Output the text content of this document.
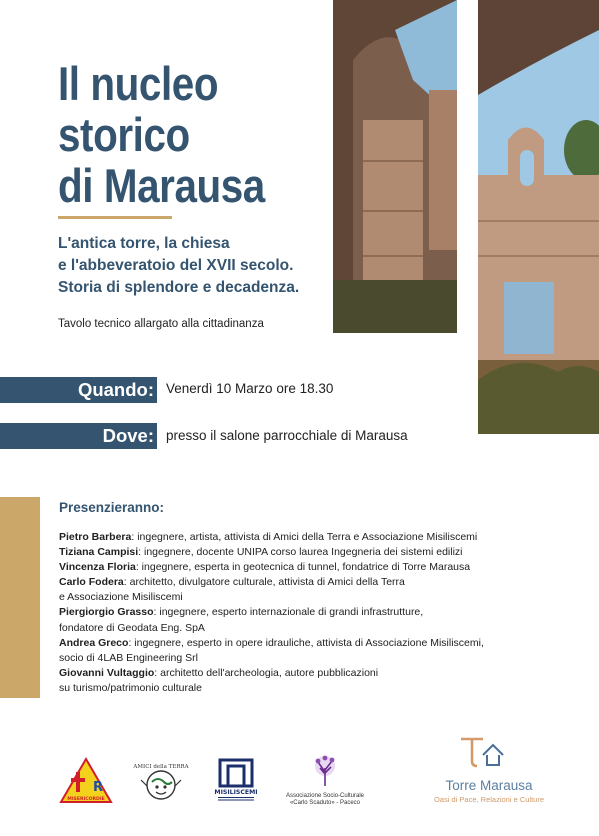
Il nucleo
storico
di Marausa
L'antica torre, la chiesa
e l'abbeveratoio del XVII secolo.
Storia di splendore e decadenza.
Tavolo tecnico allargato alla cittadinanza
Quando: Venerdì 10 Marzo ore 18.30
Dove: presso il salone parrocchiale di Marausa
Presenzieranno:
Pietro Barbera: ingegnere, artista, attivista di Amici della Terra e Associazione Misiliscemi
Tiziana Campisi: ingegnere, docente UNIPA corso laurea Ingegneria dei sistemi edilizi
Vincenza Floria: ingegnere, esperta in geotecnica di tunnel, fondatrice di Torre Marausa
Carlo Fodera: architetto, divulgatore culturale, attivista di Amici della Terra
e Associazione Misiliscemi
Piergiorgio Grasso: ingegnere, esperto internazionale di grandi infrastrutture,
fondatore di Geodata Eng. SpA
Andrea Greco: ingegnere, esperto in opere idrauliche, attivista di Associazione Misiliscemi,
socio di 4LAB Engineering Srl
Giovanni Vultaggio: architetto dell'archeologia, autore pubblicazioni
su turismo/patrimonio culturale
R
MISERICORDIE
AMICI della TERRA
MISILISCEMI	Associazione Socio-Culturale
«Carlo Scaduto» - Paceco
Torre Marausa
Oasi di Pace, Relazioni e Culture
